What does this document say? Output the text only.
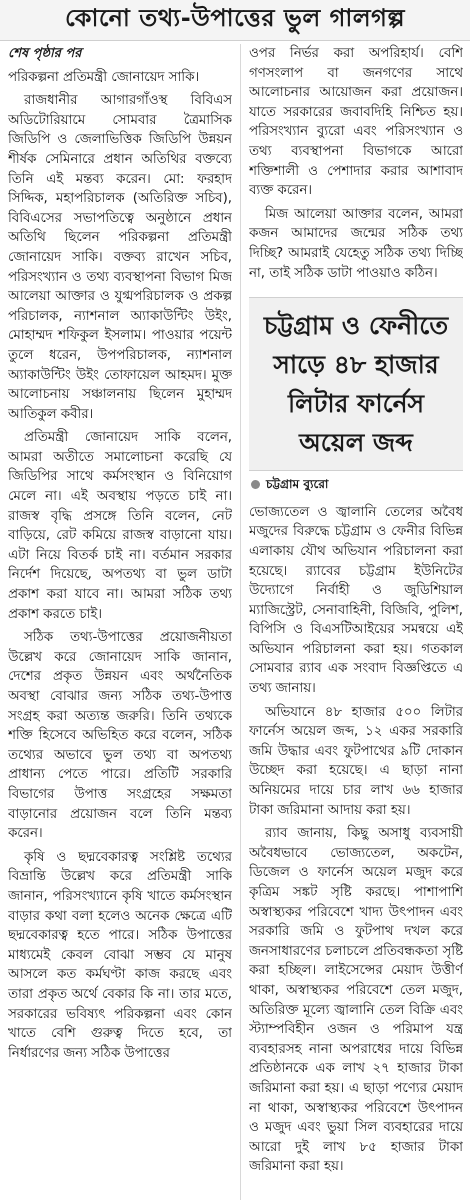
কোনো তথ্য-উপাত্তের ভুল গালগল্প

শেষ পৃষ্ঠার পর

পরিকল্পনা প্রতিমন্ত্রী জোনায়েদ সাকি।

রাজধানীর আগারগাঁওস্থ বিবিএস অডিটোরিয়ামে সোমবার ত্রৈমাসিক জিডিপি ও জেলাভিত্তিক জিডিপি উন্নয়ন শীর্ষক সেমিনারে প্রধান অতিথির বক্তব্যে তিনি এই মন্তব্য করেন। মো: ফরহাদ সিদ্দিক, মহাপরিচালক (অতিরিক্ত সচিব), বিবিএসের সভাপতিত্বে অনুষ্ঠানে প্রধান অতিথি ছিলেন পরিকল্পনা প্রতিমন্ত্রী জোনায়েদ সাকি। বক্তব্য রাখেন সচিব, পরিসংখ্যান ও তথ্য ব্যবস্থাপনা বিভাগ মিজ আলেয়া আক্তার ও যুগ্মপরিচালক ও প্রকল্প পরিচালক, ন্যাশনাল অ্যাকাউন্টিং উইং, মোহাম্মদ শফিকুল ইসলাম। পাওয়ার পয়েন্ট তুলে ধরেন, উপপরিচালক, ন্যাশনাল অ্যাকাউন্টিং উইং তোফায়েল আহমদ। মুক্ত আলোচনায় সঞ্চালনায় ছিলেন মুহাম্মদ আতিকুল কবীর।

প্রতিমন্ত্রী জোনায়েদ সাকি বলেন, আমরা অতীতে সমালোচনা করেছি যে জিডিপির সাথে কর্মসংস্থান ও বিনিয়োগ মেলে না। এই অবস্থায় পড়তে চাই না। রাজস্ব বৃদ্ধি প্রসঙ্গে তিনি বলেন, নেট বাড়িয়ে, রেট কমিয়ে রাজস্ব বাড়ানো যায়। এটা নিয়ে বিতর্ক চাই না। বর্তমান সরকার নির্দেশ দিয়েছে, অপতথ্য বা ভুল ডাটা প্রকাশ করা যাবে না। আমরা সঠিক তথ্য প্রকাশ করতে চাই।

সঠিক তথ্য-উপাত্তের প্রয়োজনীয়তা উল্লেখ করে জোনায়েদ সাকি জানান, দেশের প্রকৃত উন্নয়ন এবং অর্থনৈতিক অবস্থা বোঝার জন্য সঠিক তথ্য-উপাত্ত সংগ্রহ করা অত্যন্ত জরুরি। তিনি তথ্যকে শক্তি হিসেবে অভিহিত করে বলেন, সঠিক তথ্যের অভাবে ভুল তথ্য বা অপতথ্য প্রাধান্য পেতে পারে। প্রতিটি সরকারি বিভাগের উপাত্ত সংগ্রহের সক্ষমতা বাড়ানোর প্রয়োজন বলে তিনি মন্তব্য করেন।

কৃষি ও ছদ্মবেকারত্ব সংশ্লিষ্ট তথ্যের বিভ্রান্তি উল্লেখ করে প্রতিমন্ত্রী সাকি জানান, পরিসংখ্যানে কৃষি খাতে কর্মসংস্থান বাড়ার কথা বলা হলেও অনেক ক্ষেত্রে এটি ছদ্মবেকারত্ব হতে পারে। সঠিক উপাত্তের মাধ্যমেই কেবল বোঝা সম্ভব যে মানুষ আসলে কত কর্মঘণ্টা কাজ করছে এবং তারা প্রকৃত অর্থে বেকার কি না। তার মতে, সরকারের ভবিষ্যৎ পরিকল্পনা এবং কোন খাতে বেশি গুরুত্ব দিতে হবে, তা নির্ধারণের জন্য সঠিক উপাত্তের

ওপর নির্ভর করা অপরিহার্য। বেশি গণসংলাপ বা জনগণের সাথে আলোচনার আয়োজন করা প্রয়োজন। যাতে সরকারের জবাবদিহি নিশ্চিত হয়। পরিসংখ্যান ব্যুরো এবং পরিসংখ্যান ও তথ্য ব্যবস্থাপনা বিভাগকে আরো শক্তিশালী ও পেশাদার করার আশাবাদ ব্যক্ত করেন।

মিজ আলেয়া আক্তার বলেন, আমরা কজন আমাদের জন্মের সঠিক তথ্য দিচ্ছি? আমরাই যেহেতু সঠিক তথ্য দিচ্ছি না, তাই সঠিক ডাটা পাওয়াও কঠিন।

চট্টগ্রাম ও ফেনীতে সাড়ে ৪৮ হাজার লিটার ফার্নেস অয়েল জব্দ
চট্টগ্রাম ব্যুরো

ভোজ্যতেল ও জ্বালানি তেলের অবৈধ মজুদের বিরুদ্ধে চট্টগ্রাম ও ফেনীর বিভিন্ন এলাকায় যৌথ অভিযান পরিচালনা করা হয়েছে। র‍্যাবের চট্টগ্রাম ইউনিটের উদ্যোগে নির্বাহী ও জুডিশিয়াল ম্যাজিস্ট্রেট, সেনাবাহিনী, বিজিবি, পুলিশ, বিপিসি ও বিএসটিআইয়ের সমন্বয়ে এই অভিযান পরিচালনা করা হয়। গতকাল সোমবার র‍্যাব এক সংবাদ বিজ্ঞপ্তিতে এ তথ্য জানায়।

অভিযানে ৪৮ হাজার ৫০০ লিটার ফার্নেস অয়েল জব্দ, ১২ একর সরকারি জমি উদ্ধার এবং ফুটপাথের ৯টি দোকান উচ্ছেদ করা হয়েছে। এ ছাড়া নানা অনিয়মের দায়ে চার লাখ ৬৬ হাজার টাকা জরিমানা আদায় করা হয়।

র‍্যাব জানায়, কিছু অসাধু ব্যবসায়ী অবৈধভাবে ভোজ্যতেল, অকটেন, ডিজেল ও ফার্নেস অয়েল মজুদ করে কৃত্রিম সঙ্কট সৃষ্টি করছে। পাশাপাশি অস্বাস্থ্যকর পরিবেশে খাদ্য উৎপাদন এবং সরকারি জমি ও ফুটপাথ দখল করে জনসাধারণের চলাচলে প্রতিবন্ধকতা সৃষ্টি করা হচ্ছিল। লাইসেন্সের মেয়াদ উত্তীর্ণ থাকা, অস্বাস্থ্যকর পরিবেশে তেল মজুদ, অতিরিক্ত মূল্যে জ্বালানি তেল বিক্রি এবং স্ট্যাম্পবিহীন ওজন ও পরিমাপ যন্ত্র ব্যবহারসহ নানা অপরাধের দায়ে বিভিন্ন প্রতিষ্ঠানকে এক লাখ ২৭ হাজার টাকা জরিমানা করা হয়। এ ছাড়া পণ্যের মেয়াদ না থাকা, অস্বাস্থ্যকর পরিবেশে উৎপাদন ও মজুদ এবং ভুয়া সিল ব্যবহারের দায়ে আরো দুই লাখ ৮৫ হাজার টাকা জরিমানা করা হয়।
